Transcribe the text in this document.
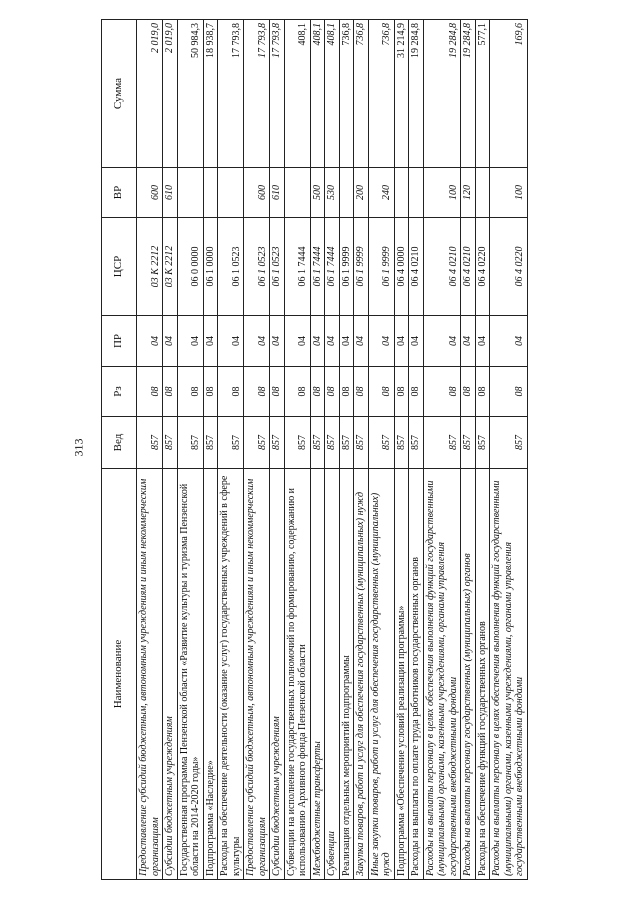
313
Наименование	Вед	Рз	ПР	ЦСР	ВР	Сумма
Предоставление субсидий бюджетным, автономным учреждениям и иным некоммерческим организациям	857	08	04	03 К 2212	600	2 019,0
Субсидии бюджетным учреждениям	857	08	04	03 К 2212	610	2 019,0
Государственная программа Пензенской области «Развитие культуры и туризма Пензенской области на 2014-2020 годы»	857	08	04	06 0 0000		50 984,3
Подпрограмма «Наследие»	857	08	04	06 1 0000		18 938,7
Расходы на обеспечение деятельности (оказание услуг) государственных учреждений в сфере культуры	857	08	04	06 1 0523		17 793,8
Предоставление субсидий бюджетным, автономным учреждениям и иным некоммерческим организациям	857	08	04	06 1 0523	600	17 793,8
Субсидии бюджетным учреждениям	857	08	04	06 1 0523	610	17 793,8
Субвенции на исполнение государственных полномочий по формированию, содержанию и использованию Архивного фонда Пензенской области	857	08	04	06 1 7444		408,1
Межбюджетные трансферты	857	08	04	06 1 7444	500	408,1
Субвенции	857	08	04	06 1 7444	530	408,1
Реализация отдельных мероприятий подпрограммы	857	08	04	06 1 9999		736,8
Закупка товаров, работ и услуг для обеспечения государственных (муниципальных) нужд	857	08	04	06 1 9999	200	736,8
Иные закупки товаров, работ и услуг для обеспечения государственных (муниципальных) нужд	857	08	04	06 1 9999	240	736,8
Подпрограмма «Обеспечение условий реализации программы»	857	08	04	06 4 0000		31 214,9
Расходы на выплаты по оплате труда работников государственных органов	857	08	04	06 4 0210		19 284,8
Расходы на выплаты персоналу в целях обеспечения выполнения функций государственными (муниципальными) органами, казенными учреждениями, органами управления государственными внебюджетными фондами	857	08	04	06 4 0210	100	19 284,8
Расходы на выплаты персоналу государственных (муниципальных) органов	857	08	04	06 4 0210	120	19 284,8
Расходы на обеспечение функций государственных органов	857	08	04	06 4 0220		577,1
Расходы на выплаты персоналу в целях обеспечения выполнения функций государственными (муниципальными) органами, казенными учреждениями, органами управления государственными внебюджетными фондами	857	08	04	06 4 0220	100	169,6
